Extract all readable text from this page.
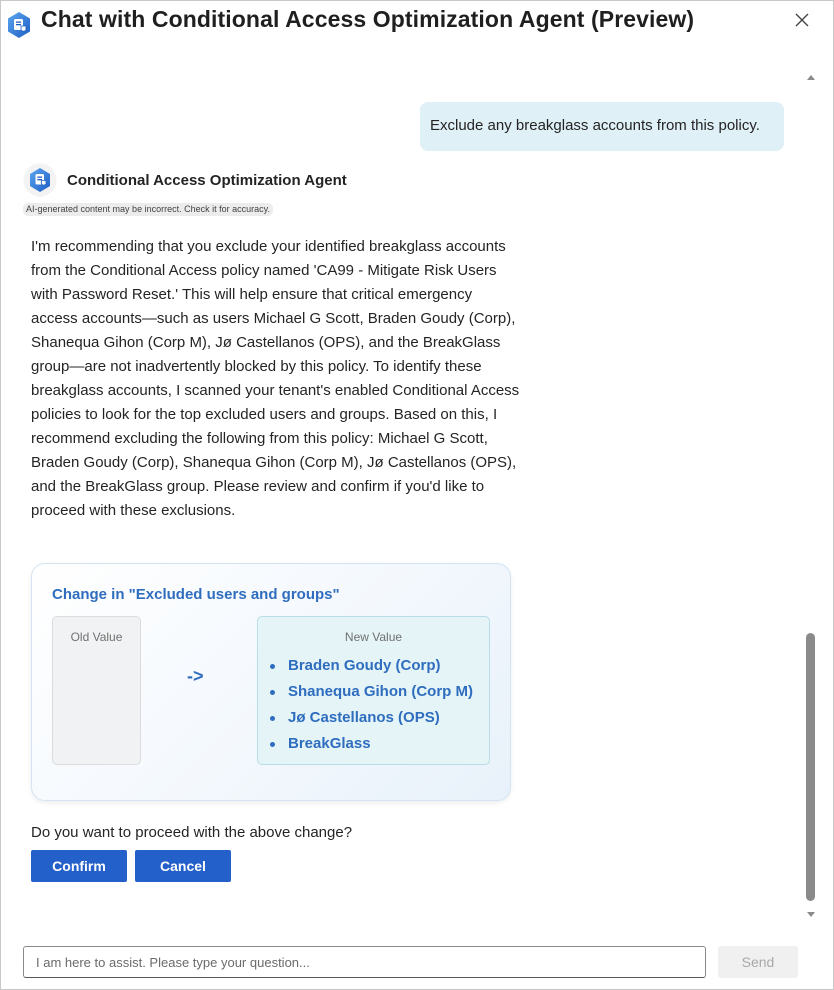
Chat with Conditional Access Optimization Agent (Preview)
Exclude any breakglass accounts from this policy.
Conditional Access Optimization Agent
AI-generated content may be incorrect. Check it for accuracy.
I'm recommending that you exclude your identified breakglass accounts from the Conditional Access policy named 'CA99 - Mitigate Risk Users with Password Reset.' This will help ensure that critical emergency access accounts—such as users Michael G Scott, Braden Goudy (Corp), Shanequa Gihon (Corp M), Jø Castellanos (OPS), and the BreakGlass group—are not inadvertently blocked by this policy. To identify these breakglass accounts, I scanned your tenant's enabled Conditional Access policies to look for the top excluded users and groups. Based on this, I recommend excluding the following from this policy: Michael G Scott, Braden Goudy (Corp), Shanequa Gihon (Corp M), Jø Castellanos (OPS), and the BreakGlass group. Please review and confirm if you'd like to proceed with these exclusions.
Change in "Excluded users and groups"
Old Value
->
New Value
Braden Goudy (Corp)
Shanequa Gihon (Corp M)
Jø Castellanos (OPS)
BreakGlass
Do you want to proceed with the above change?
Confirm	Cancel
I am here to assist. Please type your question...
Send
